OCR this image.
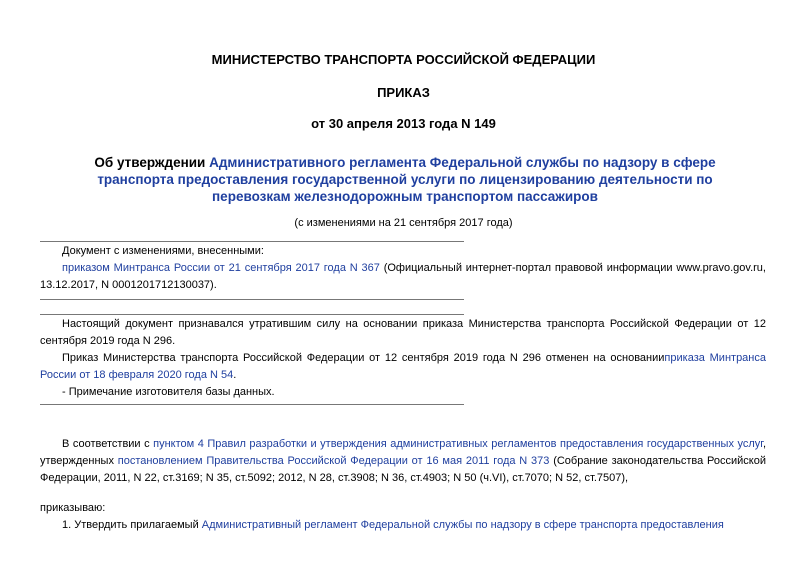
МИНИСТЕРСТВО ТРАНСПОРТА РОССИЙСКОЙ ФЕДЕРАЦИИ
ПРИКАЗ
от 30 апреля 2013 года N 149
Об утверждении Административного регламента Федеральной службы по надзору в сфере транспорта предоставления государственной услуги по лицензированию деятельности по перевозкам железнодорожным транспортом пассажиров
(с изменениями на 21 сентября 2017 года)
Документ с изменениями, внесенными:
приказом Минтранса России от 21 сентября 2017 года N 367 (Официальный интернет-портал правовой информации www.pravo.gov.ru, 13.12.2017, N 0001201712130037).
Настоящий документ признавался утратившим силу на основании приказа Министерства транспорта Российской Федерации от 12 сентября 2019 года N 296.
Приказ Министерства транспорта Российской Федерации от 12 сентября 2019 года N 296 отменен на основанииприказа Минтранса России от 18 февраля 2020 года N 54.
- Примечание изготовителя базы данных.
В соответствии с пунктом 4 Правил разработки и утверждения административных регламентов предоставления государственных услуг, утвержденных постановлением Правительства Российской Федерации от 16 мая 2011 года N 373 (Собрание законодательства Российской Федерации, 2011, N 22, ст.3169; N 35, ст.5092; 2012, N 28, ст.3908; N 36, ст.4903; N 50 (ч.VI), ст.7070; N 52, ст.7507),
приказываю:
1. Утвердить прилагаемый Административный регламент Федеральной службы по надзору в сфере транспорта предоставления
